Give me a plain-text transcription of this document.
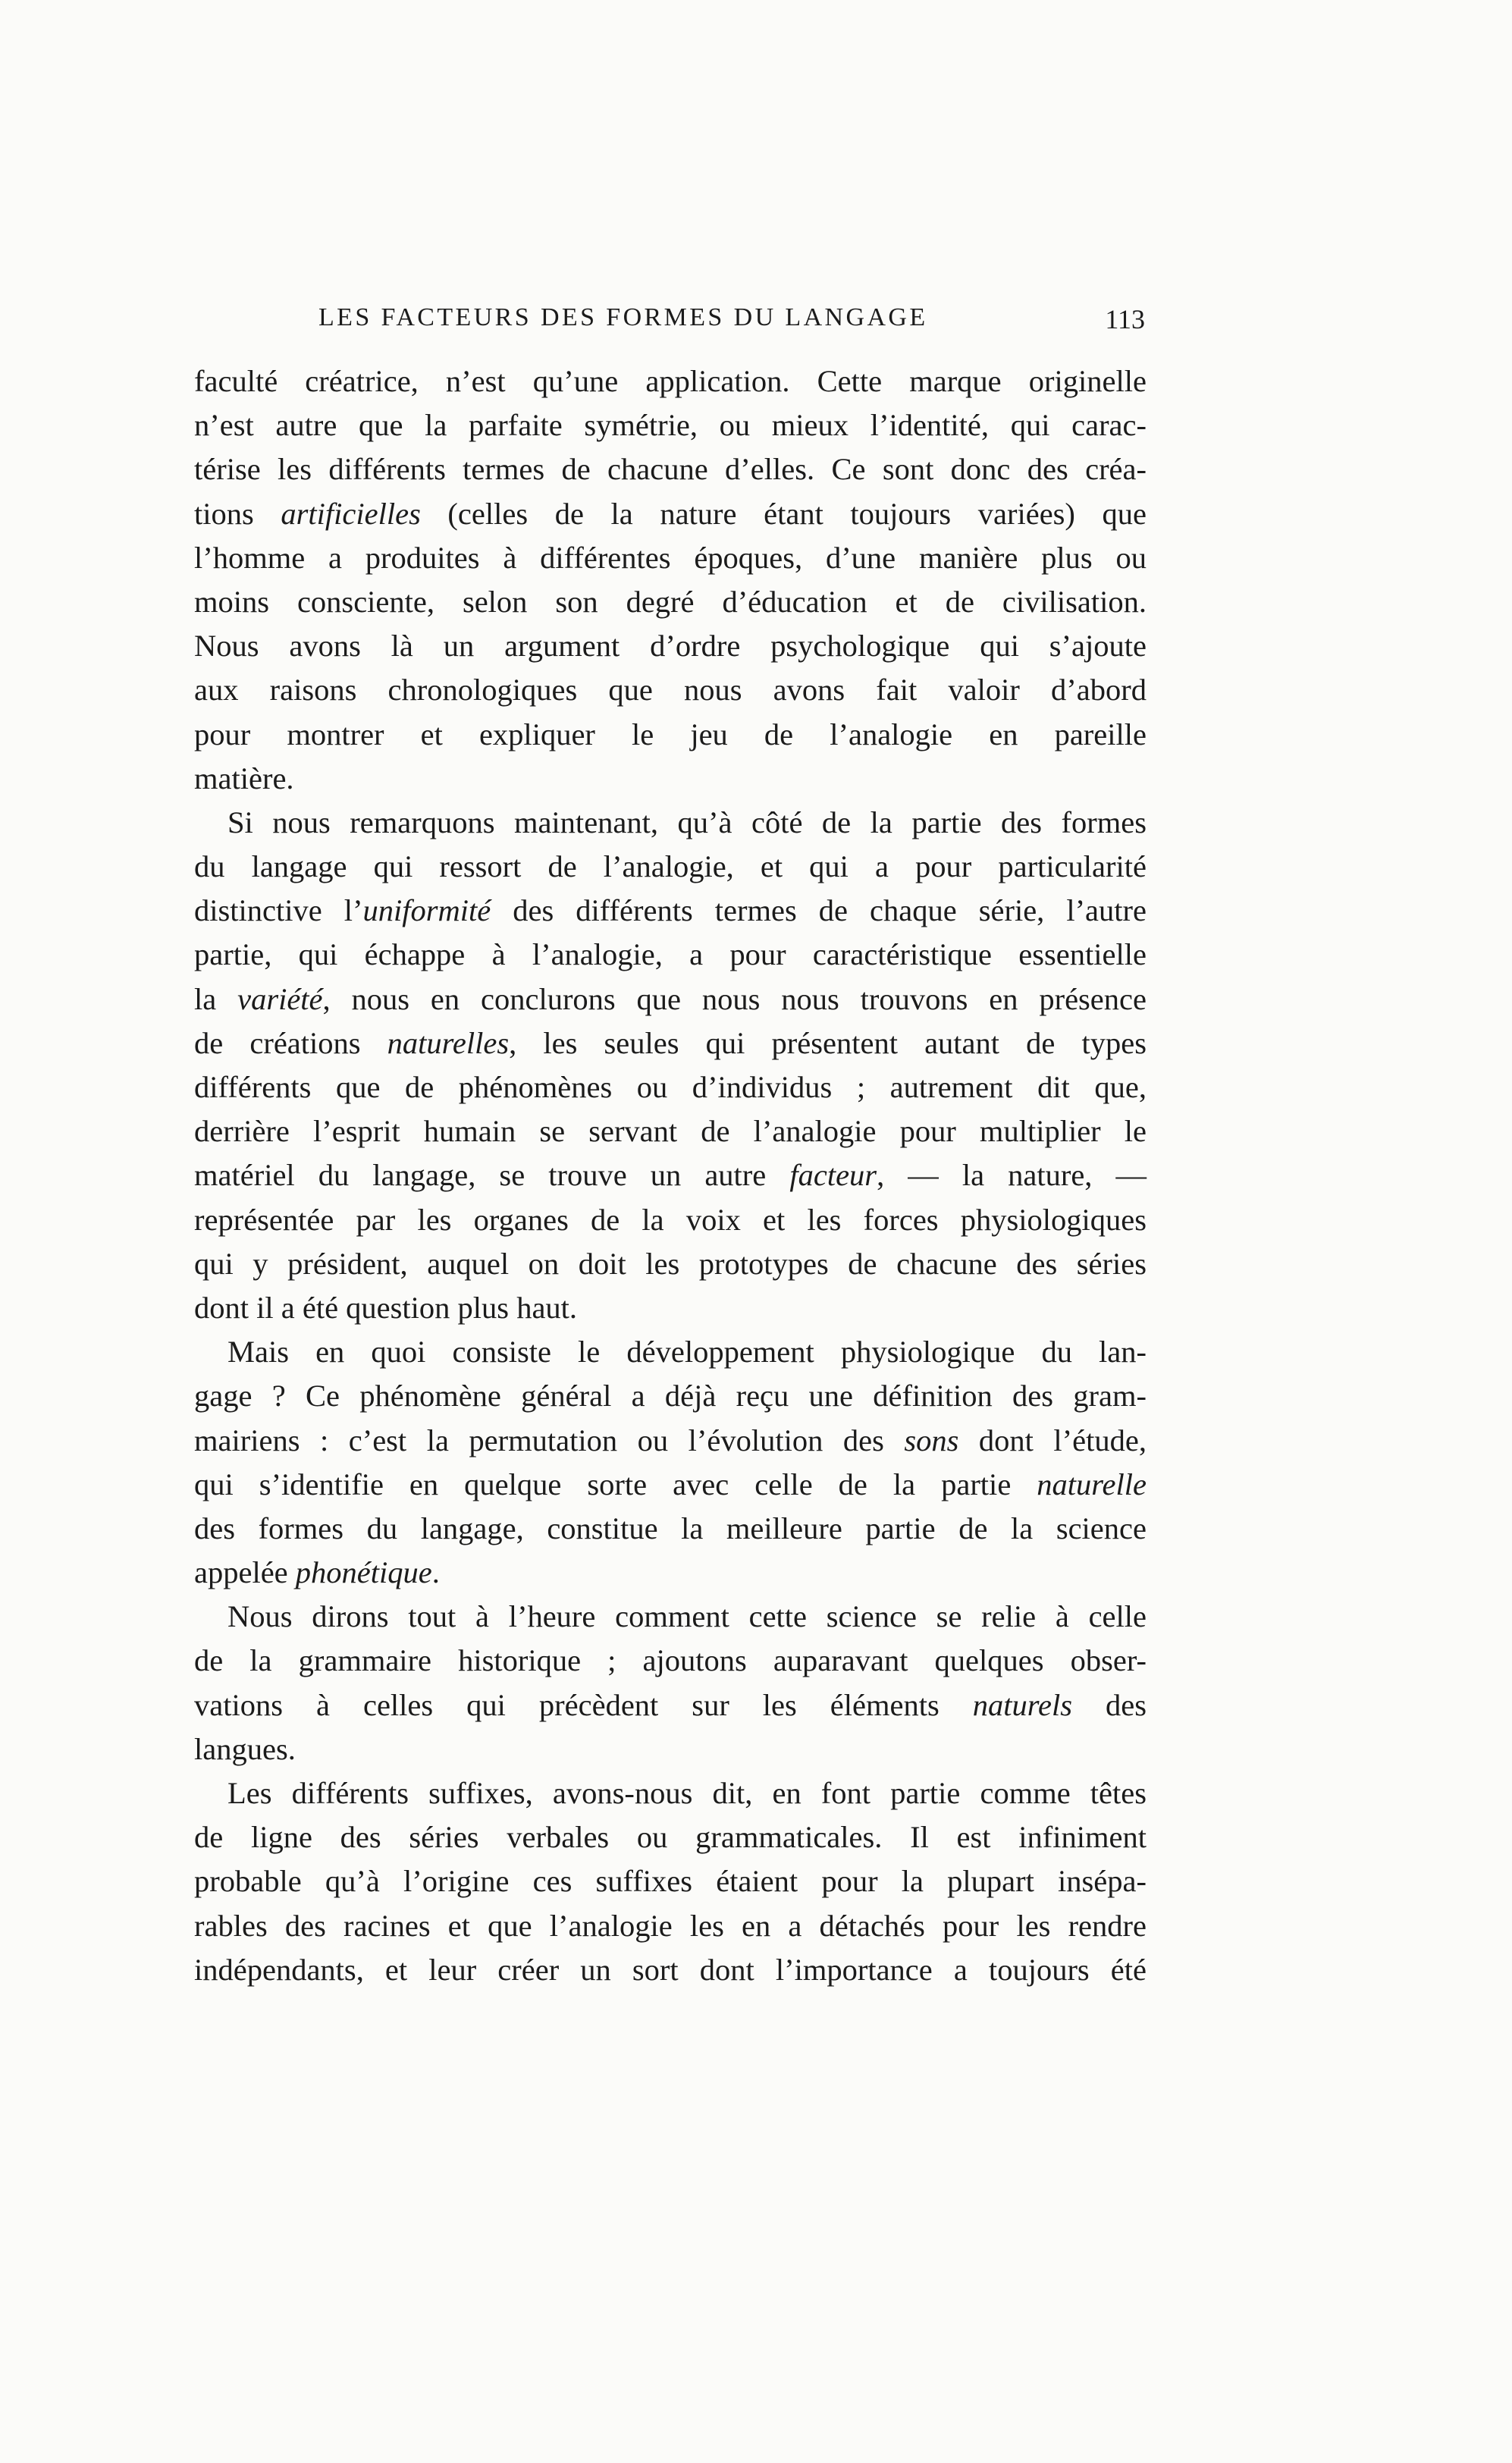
LES FACTEURS DES FORMES DU LANGAGE	113
faculté créatrice, n’est qu’une application. Cette marque originelle
n’est autre que la parfaite symétrie, ou mieux l’identité, qui carac-
térise les différents termes de chacune d’elles. Ce sont donc des créa-
tions artificielles (celles de la nature étant toujours variées) que
l’homme a produites à différentes époques, d’une manière plus ou
moins consciente, selon son degré d’éducation et de civilisation.
Nous avons là un argument d’ordre psychologique qui s’ajoute
aux raisons chronologiques que nous avons fait valoir d’abord
pour montrer et expliquer le jeu de l’analogie en pareille
matière.
Si nous remarquons maintenant, qu’à côté de la partie des formes
du langage qui ressort de l’analogie, et qui a pour particularité
distinctive l’uniformité des différents termes de chaque série, l’autre
partie, qui échappe à l’analogie, a pour caractéristique essentielle
la variété, nous en conclurons que nous nous trouvons en présence
de créations naturelles, les seules qui présentent autant de types
différents que de phénomènes ou d’individus ; autrement dit que,
derrière l’esprit humain se servant de l’analogie pour multiplier le
matériel du langage, se trouve un autre facteur, — la nature, —
représentée par les organes de la voix et les forces physiologiques
qui y président, auquel on doit les prototypes de chacune des séries
dont il a été question plus haut.
Mais en quoi consiste le développement physiologique du lan-
gage ? Ce phénomène général a déjà reçu une définition des gram-
mairiens : c’est la permutation ou l’évolution des sons dont l’étude,
qui s’identifie en quelque sorte avec celle de la partie naturelle
des formes du langage, constitue la meilleure partie de la science
appelée phonétique.
Nous dirons tout à l’heure comment cette science se relie à celle
de la grammaire historique ; ajoutons auparavant quelques obser-
vations à celles qui précèdent sur les éléments naturels des
langues.
Les différents suffixes, avons-nous dit, en font partie comme têtes
de ligne des séries verbales ou grammaticales. Il est infiniment
probable qu’à l’origine ces suffixes étaient pour la plupart insépa-
rables des racines et que l’analogie les en a détachés pour les rendre
indépendants, et leur créer un sort dont l’importance a toujours été
